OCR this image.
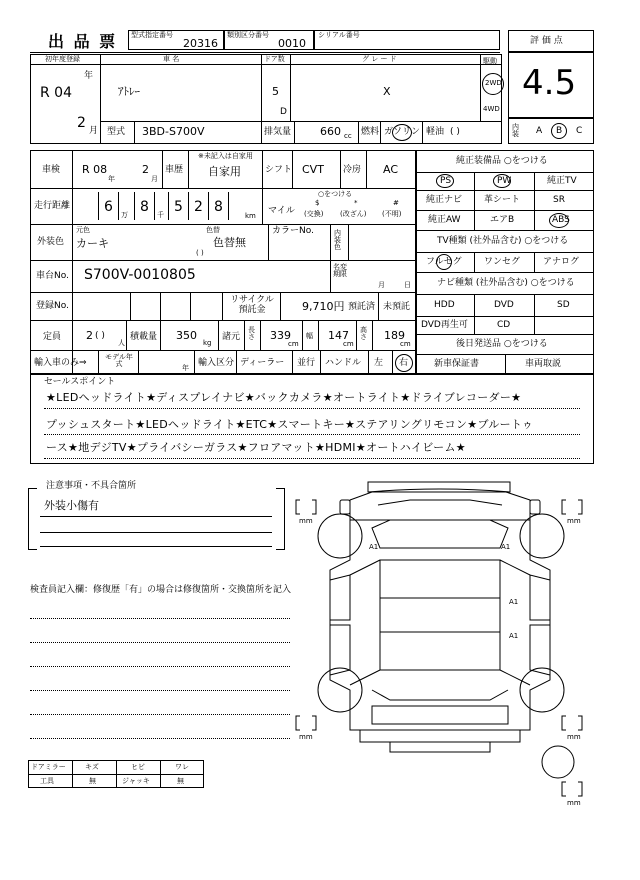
出 品 票 型式指定番号
20316
類別区分番号
0010
シリアル番号
評 価 点
4.5
内装	A B C
初年度登録
R 04
年
2 月
車 名
ｱﾄﾚｰ
ドア数
5
D
グ レ ー ド
X
駆動
2WD
4WD
型式 3BD-S700V	排気量	660 cc 燃料 ガソリン 軽油 ( )
車検 R 08
年
2
月
車歴
※未記入は自家用
自家用	シフト CVT 冷房 AC
走行距離 6 万 8 千 5 2 8
km
○をつける
マイル
$
(交換)
*
(改ざん)
#
(不明)
外装色
元色
カーキ
色替
色替無
( )
カラーNo.	内装色
車台No. S700V-0010805	名変期限
月	日
登録No.
リサイクル預託金	9,710円 預託済 未預託
定員 2 ( )
人
積載量 350
kg
諸元
長さ 339
cm
幅 147
cm
高さ 189
cm
輸入車のみ⇒
モデル年式	年 輸入区分 ディーラー 並行 ハンドル 左 右
純正装備品 ○をつける
PS	PW	純正TV
純正ナビ 革シート	SR
純正AW	エアB	ABS
TV種類 (社外品含む) ○をつける
フルセグ ワンセグ	アナログ
ナビ種類 (社外品含む) ○をつける
HDD	DVD	SD
DVD再生可	CD
後日発送品 ○をつける
新車保証書	車両取説
セールスポイント
★LEDヘッドライト★ディスプレイナビ★バックカメラ★オートライト★ドライブレコーダー★
プッシュスタート★LEDヘッドライト★ETC★スマートキー★ステアリングリモコン★ブルートゥ
ース★地デジTV★プライバシーガラス★フロアマット★HDMI★オートハイビーム★
注意事項・不具合箇所
外装小傷有
検査員記入欄：修復歴「有」の場合は修復箇所・交換箇所を記入
ドアミラー	キズ	ヒビ	ワレ
工具	無	ジャッキ	無
A1	A1
A1
A1
mm	mm
mm	mm
mm
